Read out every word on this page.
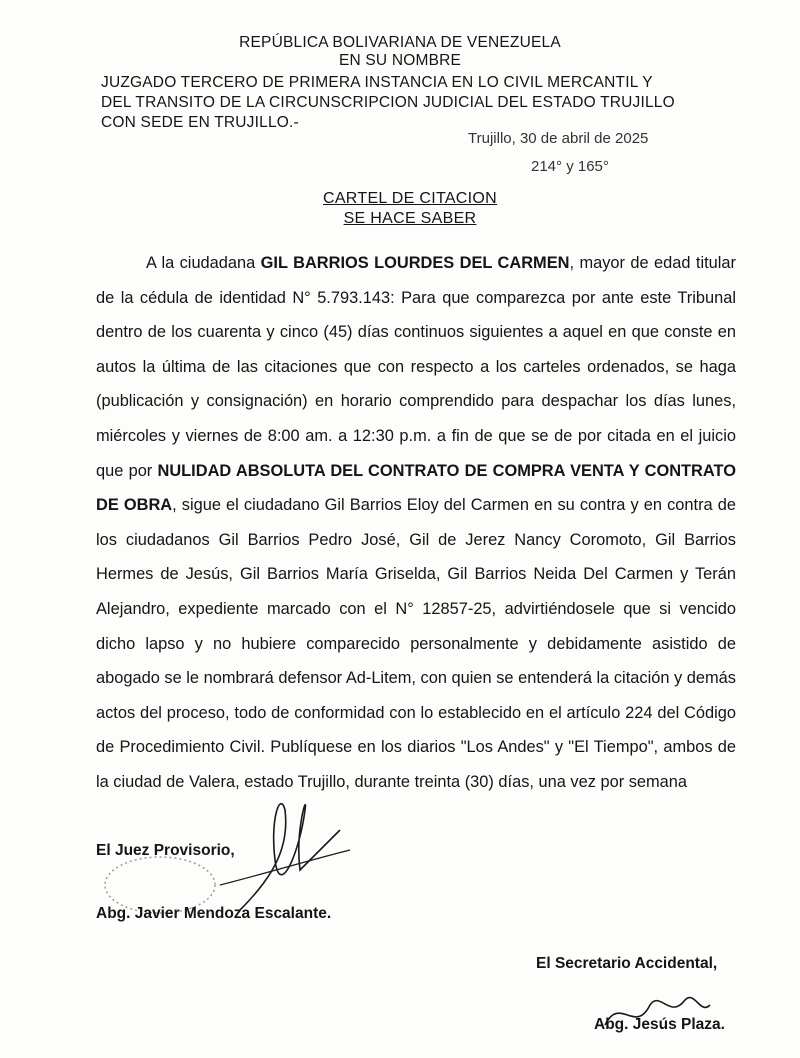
REPÚBLICA BOLIVARIANA DE VENEZUELA
EN SU NOMBRE
JUZGADO TERCERO DE PRIMERA INSTANCIA EN LO CIVIL MERCANTIL Y
DEL TRANSITO DE LA CIRCUNSCRIPCION JUDICIAL DEL ESTADO TRUJILLO
CON SEDE EN TRUJILLO.-
Trujillo, 30 de abril de 2025
214° y 165°
CARTEL DE CITACION
SE HACE SABER

A la ciudadana GIL BARRIOS LOURDES DEL CARMEN, mayor de edad titular de la cédula de identidad N° 5.793.143: Para que comparezca por ante este Tribunal dentro de los cuarenta y cinco (45) días continuos siguientes a aquel en que conste en autos la última de las citaciones que con respecto a los carteles ordenados, se haga (publicación y consignación) en horario comprendido para despachar los días lunes, miércoles y viernes de 8:00 am. a 12:30 p.m. a fin de que se de por citada en el juicio que por NULIDAD ABSOLUTA DEL CONTRATO DE COMPRA VENTA Y CONTRATO DE OBRA, sigue el ciudadano Gil Barrios Eloy del Carmen en su contra y en contra de los ciudadanos Gil Barrios Pedro José, Gil de Jerez Nancy Coromoto, Gil Barrios Hermes de Jesús, Gil Barrios María Griselda, Gil Barrios Neida Del Carmen y Terán Alejandro, expediente marcado con el N° 12857-25, advirtiéndosele que si vencido dicho lapso y no hubiere comparecido personalmente y debidamente asistido de abogado se le nombrará defensor Ad-Litem, con quien se entenderá la citación y demás actos del proceso, todo de conformidad con lo establecido en el artículo 224 del Código de Procedimiento Civil. Publíquese en los diarios "Los Andes" y "El Tiempo", ambos de la ciudad de Valera, estado Trujillo, durante treinta (30) días, una vez por semana

El Juez Provisorio,
Abg. Javier Mendoza Escalante.
El Secretario Accidental,
Abg. Jesús Plaza.
